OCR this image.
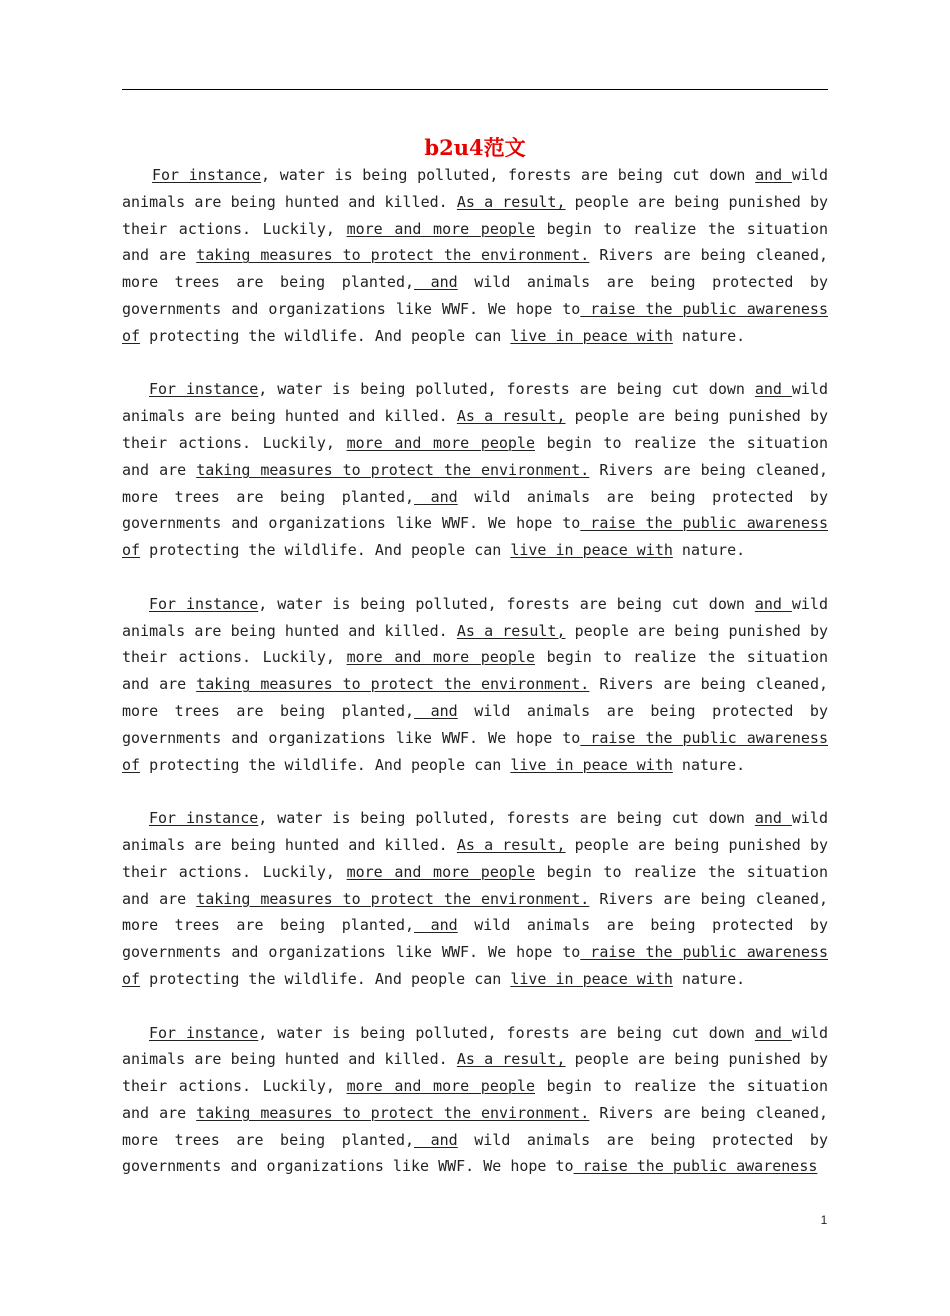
b2u4范文

For instance, water is being polluted, forests are being cut down and wild animals are being hunted and killed. As a result, people are being punished by their actions. Luckily, more and more people begin to realize the situation and are taking measures to protect the environment. Rivers are being cleaned, more trees are being planted, and wild animals are being protected by governments and organizations like WWF. We hope to raise the public awareness of protecting the wildlife. And people can live in peace with nature.

For instance, water is being polluted, forests are being cut down and wild animals are being hunted and killed. As a result, people are being punished by their actions. Luckily, more and more people begin to realize the situation and are taking measures to protect the environment. Rivers are being cleaned, more trees are being planted, and wild animals are being protected by governments and organizations like WWF. We hope to raise the public awareness of protecting the wildlife. And people can live in peace with nature.

For instance, water is being polluted, forests are being cut down and wild animals are being hunted and killed. As a result, people are being punished by their actions. Luckily, more and more people begin to realize the situation and are taking measures to protect the environment. Rivers are being cleaned, more trees are being planted, and wild animals are being protected by governments and organizations like WWF. We hope to raise the public awareness of protecting the wildlife. And people can live in peace with nature.

For instance, water is being polluted, forests are being cut down and wild animals are being hunted and killed. As a result, people are being punished by their actions. Luckily, more and more people begin to realize the situation and are taking measures to protect the environment. Rivers are being cleaned, more trees are being planted, and wild animals are being protected by governments and organizations like WWF. We hope to raise the public awareness of protecting the wildlife. And people can live in peace with nature.

For instance, water is being polluted, forests are being cut down and wild animals are being hunted and killed. As a result, people are being punished by their actions. Luckily, more and more people begin to realize the situation and are taking measures to protect the environment. Rivers are being cleaned, more trees are being planted, and wild animals are being protected by governments and organizations like WWF. We hope to raise the public awareness

1
